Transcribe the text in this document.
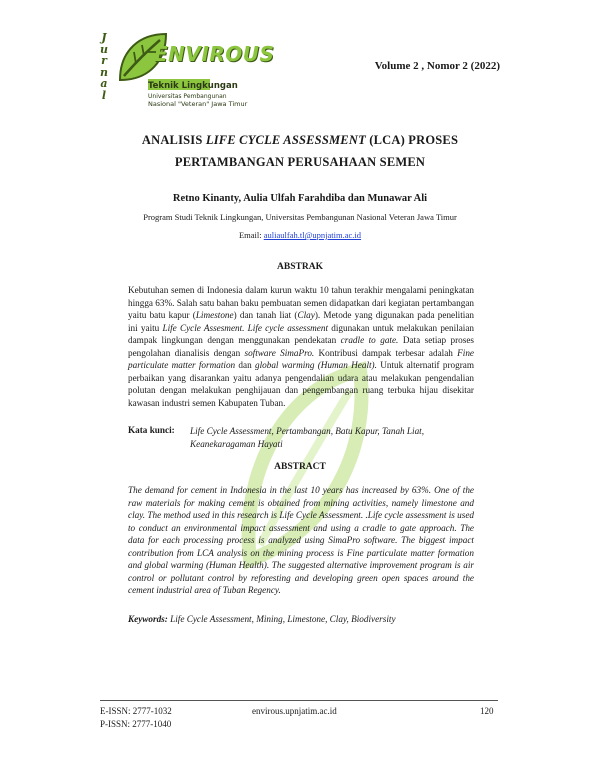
J
u
r
n
a
l
ENVIROUS
Teknik Lingkungan
Universitas Pembangunan
Nasional "Veteran" Jawa Timur
Volume 2 , Nomor 2 (2022)
ANALISIS LIFE CYCLE ASSESSMENT (LCA) PROSES
PERTAMBANGAN PERUSAHAAN SEMEN
Retno Kinanty, Aulia Ulfah Farahdiba dan Munawar Ali
Program Studi Teknik Lingkungan, Universitas Pembangunan Nasional Veteran Jawa Timur
Email: auliaulfah.tl@upnjatim.ac.id
ABSTRAK
Kebutuhan semen di Indonesia dalam kurun waktu 10 tahun terakhir mengalami peningkatan hingga 63%. Salah satu bahan baku pembuatan semen didapatkan dari kegiatan pertambangan yaitu batu kapur (Limestone) dan tanah liat (Clay). Metode yang digunakan pada penelitian ini yaitu Life Cycle Assesment. Life cycle assessment digunakan untuk melakukan penilaian dampak lingkungan dengan menggunakan pendekatan cradle to gate. Data setiap proses pengolahan dianalisis dengan software SimaPro. Kontribusi dampak terbesar adalah Fine particulate matter formation dan global warming (Human Healt). Untuk alternatif program perbaikan yang disarankan yaitu adanya pengendalian udara atau melakukan pengendalian polutan dengan melakukan penghijauan dan pengembangan ruang terbuka hijau disekitar kawasan industri semen Kabupaten Tuban.
Kata kunci: Life Cycle Assessment, Pertambangan, Batu Kapur, Tanah Liat, Keanekaragaman Hayati
ABSTRACT
The demand for cement in Indonesia in the last 10 years has increased by 63%. One of the raw materials for making cement is obtained from mining activities, namely limestone and clay. The method used in this research is Life Cycle Assessment. .Life cycle assessment is used to conduct an environmental impact assessment and using a cradle to gate approach. The data for each processing process is analyzed using SimaPro software. The biggest impact contribution from LCA analysis on the mining process is Fine particulate matter formation and global warming (Human Health). The suggested alternative improvement program is air control or pollutant control by reforesting and developing green open spaces around the cement industrial area of Tuban Regency.
Keywords: Life Cycle Assessment, Mining, Limestone, Clay, Biodiversity
E-ISSN: 2777-1032
P-ISSN: 2777-1040
envirous.upnjatim.ac.id	120
